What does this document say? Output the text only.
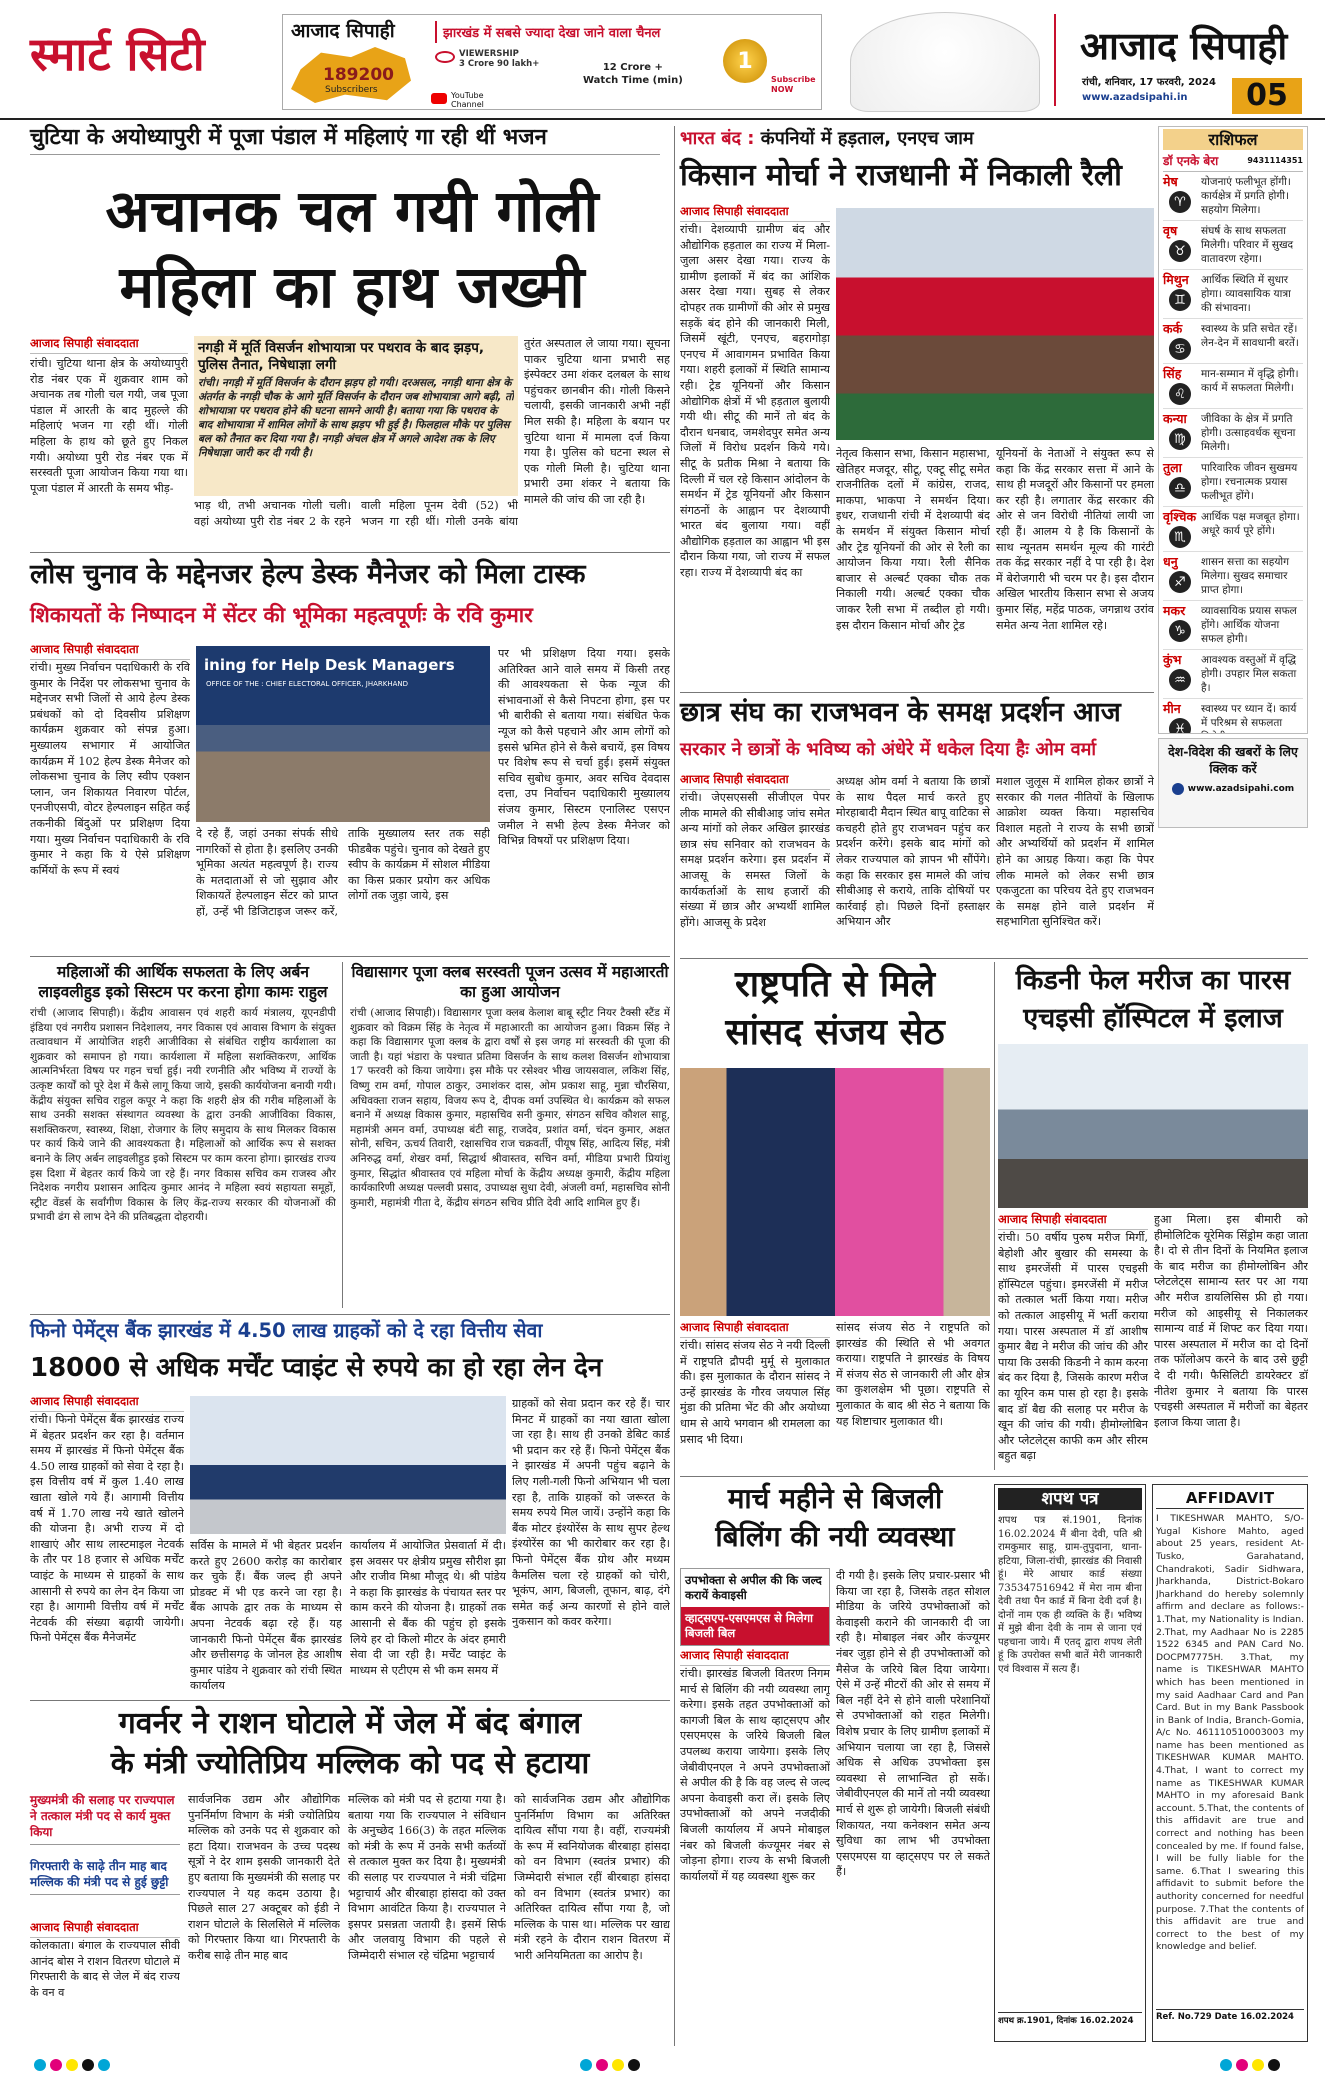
स्मार्ट सिटी	आजाद सिपाही	झारखंड में सबसे ज्यादा देखा जाने वाला चैनल
189200
Subscribers
VIEWERSHIP
3 Crore 90 lakh+	12 Crore +
Watch Time (min)
YouTube
Channel
1
Subscribe
NOW
आजाद सिपाही
रांची, शनिवार, 17 फरवरी, 2024
www.azadsipahi.in	05
चुटिया के अयोध्यापुरी में पूजा पंडाल में महिलाएं गा रही थीं भजन
अचानक चल गयी गोली
महिला का हाथ जख्मी
आजाद सिपाही संवाददाता
रांची। चुटिया थाना क्षेत्र के अयोध्यापुरी रोड नंबर एक में शुक्रवार शाम को अचानक तब गोली चल गयी, जब पूजा पंडाल में आरती के बाद मुहल्ले की महिलाएं भजन गा रही थीं। गोली महिला के हाथ को छूते हुए निकल गयी। अयोध्या पुरी रोड नंबर एक में सरस्वती पूजा आयोजन किया गया था। पूजा पंडाल में आरती के समय भीड़-
नगड़ी में मूर्ति विसर्जन शोभायात्रा पर पथराव के बाद झड़प, पुलिस तैनात, निषेधाज्ञा लगी
रांची। नगड़ी में मूर्ति विसर्जन के दौरान झड़प हो गयी। दरअसल, नगड़ी थाना क्षेत्र के अंतर्गत के नगड़ी चौक के आगे मूर्ति विसर्जन के दौरान जब शोभायात्रा आगे बढ़ी, तो शोभायात्रा पर पथराव होने की घटना सामने आयी है। बताया गया कि पथराव के बाद शोभायात्रा में शामिल लोगों के साथ झड़प भी हुई है। फिलहाल मौके पर पुलिस बल को तैनात कर दिया गया है। नगड़ी अंचल क्षेत्र में अगले आदेश तक के लिए निषेधाज्ञा जारी कर दी गयी है।
भाड़ थी, तभी अचानक गोली चली। वहां अयोध्या पुरी रोड नंबर 2 के रहने वाली महिला पूनम देवी (52) भी भजन गा रही थीं। गोली उनके बांया
तुरंत अस्पताल ले जाया गया। सूचना पाकर चुटिया थाना प्रभारी सह इंस्पेक्टर उमा शंकर दलबल के साथ पहुंचकर छानबीन की। गोली किसने चलायी, इसकी जानकारी अभी नहीं मिल सकी है। महिला के बयान पर चुटिया थाना में मामला दर्ज किया गया है। पुलिस को घटना स्थल से एक गोली मिली है। चुटिया थाना प्रभारी उमा शंकर ने बताया कि मामले की जांच की जा रही है।
लोस चुनाव के मद्देनजर हेल्प डेस्क मैनेजर को मिला टास्क
शिकायतों के निष्पादन में सेंटर की भूमिका महत्वपूर्णः के रवि कुमार
आजाद सिपाही संवाददाता
रांची। मुख्य निर्वाचन पदाधिकारी के रवि कुमार के निर्देश पर लोकसभा चुनाव के मद्देनजर सभी जिलों से आये हेल्प डेस्क प्रबंधकों को दो दिवसीय प्रशिक्षण कार्यक्रम शुक्रवार को संपन्न हुआ। मुख्यालय सभागार में आयोजित कार्यक्रम में 102 हेल्प डेस्क मैनेजर को लोकसभा चुनाव के लिए स्वीप एक्शन प्लान, जन शिकायत निवारण पोर्टल, एनजीएसपी, वोटर हेल्पलाइन सहित कई तकनीकी बिंदुओं पर प्रशिक्षण दिया गया। मुख्य निर्वाचन पदाधिकारी के रवि कुमार ने कहा कि ये ऐसे प्रशिक्षण कर्मियों के रूप में स्वयं
ining for Help Desk Managers
OFFICE OF THE : CHIEF ELECTORAL OFFICER, JHARKHAND
दे रहे हैं, जहां उनका संपर्क सीधे नागरिकों से होता है। इसलिए उनकी भूमिका अत्यंत महत्वपूर्ण है। राज्य के मतदाताओं से जो सुझाव और शिकायतें हेल्पलाइन सेंटर को प्राप्त हों, उन्हें भी डिजिटाइज जरूर करें, ताकि मुख्यालय स्तर तक सही फीडबैक पहुंचे। चुनाव को देखते हुए स्वीप के कार्यक्रम में सोशल मीडिया का किस प्रकार प्रयोग कर अधिक लोगों तक जुड़ा जाये, इस
पर भी प्रशिक्षण दिया गया। इसके अतिरिक्त आने वाले समय में किसी तरह की आवश्यकता से फेक न्यूज की संभावनाओं से कैसे निपटना होगा, इस पर भी बारीकी से बताया गया। संबंधित फेक न्यूज को कैसे पहचाने और आम लोगों को इससे भ्रमित होने से कैसे बचायें, इस विषय पर विशेष रूप से चर्चा हुई। इसमें संयुक्त सचिव सुबोध कुमार, अवर सचिव देवदास दत्ता, उप निर्वाचन पदाधिकारी मुख्यालय संजय कुमार, सिस्टम एनालिस्ट एसएन जमील ने सभी हेल्प डेस्क मैनेजर को विभिन्न विषयों पर प्रशिक्षण दिया।
महिलाओं की आर्थिक सफलता के लिए अर्बन लाइवलीहुड इको सिस्टम पर करना होगा कामः राहुल
रांची (आजाद सिपाही)। केंद्रीय आवासन एवं शहरी कार्य मंत्रालय, यूएनडीपी इंडिया एवं नगरीय प्रशासन निदेशालय, नगर विकास एवं आवास विभाग के संयुक्त तत्वावधान में आयोजित शहरी आजीविका से संबंधित राष्ट्रीय कार्यशाला का शुक्रवार को समापन हो गया। कार्यशाला में महिला सशक्तिकरण, आर्थिक आत्मनिर्भरता विषय पर गहन चर्चा हुई। नयी रणनीति और भविष्य में राज्यों के उत्कृष्ट कार्यों को पूरे देश में कैसे लागू किया जाये, इसकी कार्ययोजना बनायी गयी। केंद्रीय संयुक्त सचिव राहुल कपूर ने कहा कि शहरी क्षेत्र की गरीब महिलाओं के साथ उनकी सशक्त संस्थागत व्यवस्था के द्वारा उनकी आजीविका विकास, सशक्तिकरण, स्वास्थ्य, शिक्षा, रोजगार के लिए समुदाय के साथ मिलकर विकास पर कार्य किये जाने की आवश्यकता है। महिलाओं को आर्थिक रूप से सशक्त बनाने के लिए अर्बन लाइवलीहुड इको सिस्टम पर काम करना होगा। झारखंड राज्य इस दिशा में बेहतर कार्य किये जा रहे हैं। नगर विकास सचिव कम राजस्व और निदेशक नगरीय प्रशासन आदित्य कुमार आनंद ने महिला स्वयं सहायता समूहों, स्ट्रीट वेंडर्स के सर्वांगीण विकास के लिए केंद्र-राज्य सरकार की योजनाओं की प्रभावी ढंग से लाभ देने की प्रतिबद्धता दोहरायी।
विद्यासागर पूजा क्लब सरस्वती पूजन उत्सव में महाआरती का हुआ आयोजन
रांची (आजाद सिपाही)। विद्यासागर पूजा क्लब केलाश बाबू स्ट्रीट नियर टैक्सी स्टैंड में शुक्रवार को विक्रम सिंह के नेतृत्व में महाआरती का आयोजन हुआ। विक्रम सिंह ने कहा कि विद्यासागर पूजा क्लब के द्वारा वर्षों से इस जगह मां सरस्वती की पूजा की जाती है। यहां भंडारा के पश्चात प्रतिमा विसर्जन के साथ कलश विसर्जन शोभायात्रा 17 फरवरी को किया जायेगा। इस मौके पर रसेश्वर भीख जायसवाल, लकिश सिंह, विष्णु राम वर्मा, गोपाल ठाकुर, उमाशंकर दास, ओम प्रकाश साहू, मुन्ना चौरसिया, अधिवक्ता राजन सहाय, विजय रूप दे, दीपक वर्मा उपस्थित थे। कार्यक्रम को सफल बनाने में अध्यक्ष विकास कुमार, महासचिव सनी कुमार, संगठन सचिव कौशल साहू, महामंत्री अमन वर्मा, उपाध्यक्ष बंटी साहू, राजदेव, प्रशांत वर्मा, चंदन कुमार, अक्षत सोनी, सचिन, ऊचर्य तिवारी, रक्षासचिव राज चक्रवर्ती, पीयूष सिंह, आदित्य सिंह, मंत्री अनिरुद्ध वर्मा, शेखर वर्मा, सिद्धार्थ श्रीवास्तव, सचिन वर्मा, मीडिया प्रभारी प्रियांशु कुमार, सिद्धांत श्रीवास्तव एवं महिला मोर्चा के केंद्रीय अध्यक्ष कुमारी, केंद्रीय महिला कार्यकारिणी अध्यक्ष पल्लवी प्रसाद, उपाध्यक्ष सुधा देवी, अंजली वर्मा, महासचिव सोनी कुमारी, महामंत्री गीता दे, केंद्रीय संगठन सचिव प्रीति देवी आदि शामिल हुए हैं।
फिनो पेमेंट्स बैंक झारखंड में 4.50 लाख ग्राहकों को दे रहा वित्तीय सेवा
18000 से अधिक मर्चेंट प्वाइंट से रुपये का हो रहा लेन देन
आजाद सिपाही संवाददाता
रांची। फिनो पेमेंट्स बैंक झारखंड राज्य में बेहतर प्रदर्शन कर रहा है। वर्तमान समय में झारखंड में फिनो पेमेंट्स बैंक 4.50 लाख ग्राहकों को सेवा दे रहा है। इस वित्तीय वर्ष में कुल 1.40 लाख खाता खोले गये हैं। आगामी वित्तीय वर्ष में 1.70 लाख नये खाते खोलने की योजना है। अभी राज्य में दो शाखाएं और साथ लास्टमाइल नेटवर्क के तौर पर 18 हजार से अधिक मर्चेंट प्वाइंट के माध्यम से ग्राहकों के साथ आसानी से रुपये का लेन देन किया जा रहा है। आगामी वित्तीय वर्ष में मर्चेंट नेटवर्क की संख्या बढ़ायी जायेगी। फिनो पेमेंट्स बैंक मैनेजमेंट
सर्विस के मामले में भी बेहतर प्रदर्शन करते हुए 2600 करोड़ का कारोबार कर चुके हैं। बैंक जल्द ही अपने प्रोडक्ट में भी एड करने जा रहा है। बैंक आपके द्वार तक के माध्यम से अपना नेटवर्क बढ़ा रहे हैं। यह जानकारी फिनो पेमेंट्स बैंक झारखंड और छत्तीसगढ़ के जोनल हेड आशीष कुमार पांडेय ने शुक्रवार को रांची स्थित कार्यालय
कार्यालय में आयोजित प्रेसवार्ता में दी। इस अवसर पर क्षेत्रीय प्रमुख सौरीश झा और राजीव मिश्रा मौजूद थे। श्री पांडेय ने कहा कि झारखंड के पंचायत स्तर पर काम करने की योजना है। ग्राहकों तक आसानी से बैंक की पहुंच हो इसके लिये हर दो किलो मीटर के अंदर हमारी सेवा दी जा रही है। मर्चेंट प्वाइंट के माध्यम से एटीएम से भी कम समय में
ग्राहकों को सेवा प्रदान कर रहे हैं। चार मिनट में ग्राहकों का नया खाता खोला जा रहा है। साथ ही उनको डेबिट कार्ड भी प्रदान कर रहे हैं। फिनो पेमेंट्स बैंक ने झारखंड में अपनी पहुंच बढ़ाने के लिए गली-गली फिनो अभियान भी चला रहा है, ताकि ग्राहकों को जरूरत के समय रुपये मिल जायें। उन्होंने कहा कि बैंक मोटर इंश्योरेंस के साथ सुपर हेल्थ इंश्योरेंस का भी कारोबार कर रहा है। फिनो पेमेंट्स बैंक ग्रोथ और मध्यम कैमलिस चला रहे ग्राहकों को चोरी, भूकंप, आग, बिजली, तूफान, बाढ़, दंगे समेत कई अन्य कारणों से होने वाले नुकसान को कवर करेगा।
गवर्नर ने राशन घोटाले में जेल में बंद बंगाल
के मंत्री ज्योतिप्रिय मल्लिक को पद से हटाया
मुख्यमंत्री की सलाह पर राज्यपाल ने तत्काल मंत्री पद से कार्य मुक्त किया
गिरफ्तारी के साढ़े तीन माह बाद मल्लिक की मंत्री पद से हुई छुट्टी
आजाद सिपाही संवाददाता
कोलकाता। बंगाल के राज्यपाल सीवी आनंद बोस ने राशन वितरण घोटाले में गिरफ्तारी के बाद से जेल में बंद राज्य के वन व
सार्वजनिक उद्यम और औद्योगिक पुनर्निर्माण विभाग के मंत्री ज्योतिप्रिय मल्लिक को उनके पद से शुक्रवार को हटा दिया। राजभवन के उच्च पदस्थ सूत्रों ने देर शाम इसकी जानकारी देते हुए बताया कि मुख्यमंत्री की सलाह पर राज्यपाल ने यह कदम उठाया है। पिछले साल 27 अक्टूबर को ईडी ने राशन घोटाले के सिलसिले में मल्लिक को गिरफ्तार किया था। गिरफ्तारी के करीब साढ़े तीन माह बाद
मल्लिक को मंत्री पद से हटाया गया है। बताया गया कि राज्यपाल ने संविधान के अनुच्छेद 166(3) के तहत मल्लिक को मंत्री के रूप में उनके सभी कर्तव्यों से तत्काल मुक्त कर दिया है। मुख्यमंत्री की सलाह पर राज्यपाल ने मंत्री चंद्रिमा भट्टाचार्य और बीरबाहा हांसदा को उक्त विभाग आवंटित किया है। राज्यपाल ने इसपर प्रसन्नता जतायी है। इसमें सिर्फ और जलवायु विभाग की पहले से जिम्मेदारी संभाल रहे चंद्रिमा भट्टाचार्य
को सार्वजनिक उद्यम और औद्योगिक पुनर्निर्माण विभाग का अतिरिक्त दायित्व सौंपा गया है। वहीं, राज्यमंत्री के रूप में स्वनियोजक बीरबाहा हांसदा को वन विभाग (स्वतंत्र प्रभार) की जिम्मेदारी संभाल रहीं बीरबाहा हांसदा को वन विभाग (स्वतंत्र प्रभार) का अतिरिक्त दायित्व सौंपा गया है, जो मल्लिक के पास था। मल्लिक पर खाद्य मंत्री रहने के दौरान राशन वितरण में भारी अनियमितता का आरोप है।
भारत बंद : कंपनियों में हड़ताल, एनएच जाम
किसान मोर्चा ने राजधानी में निकाली रैली
आजाद सिपाही संवाददाता
रांची। देशव्यापी ग्रामीण बंद और औद्योगिक हड़ताल का राज्य में मिला-जुला असर देखा गया। राज्य के ग्रामीण इलाकों में बंद का आंशिक असर देखा गया। सुबह से लेकर दोपहर तक ग्रामीणों की ओर से प्रमुख सड़कें बंद होने की जानकारी मिली, जिसमें खूंटी, एनएच, बहरागोड़ा एनएच में आवागमन प्रभावित किया गया। शहरी इलाकों में स्थिति सामान्य रही। ट्रेड यूनियनों और किसान ओद्योगिक क्षेत्रों में भी हड़ताल बुलायी गयी थी। सीटू की मानें तो बंद के दौरान धनबाद, जमशेदपुर समेत अन्य जिलों में विरोध प्रदर्शन किये गये। सीटू के प्रतीक मिश्रा ने बताया कि दिल्ली में चल रहे किसान आंदोलन के समर्थन में ट्रेड यूनियनों और किसान संगठनों के आह्वान पर देशव्यापी भारत बंद बुलाया गया। वहीं औद्योगिक हड़ताल का आह्वान भी इस दौरान किया गया, जो राज्य में सफल रहा। राज्य में देशव्यापी बंद का
नेतृत्व किसान सभा, किसान महासभा, खेतिहर मजदूर, सीटू, एक्टू सीटू समेत राजनीतिक दलों में कांग्रेस, राजद, माकपा, भाकपा ने समर्थन दिया। इधर, राजधानी रांची में देशव्यापी बंद के समर्थन में संयुक्त किसान मोर्चा और ट्रेड यूनियनों की ओर से रैली का आयोजन किया गया। रैली सैनिक बाजार से अल्बर्ट एक्का चौक तक निकाली गयी। अल्बर्ट एक्का चौक जाकर रैली सभा में तब्दील हो गयी। इस दौरान किसान मोर्चा और ट्रेड
यूनियनों के नेताओं ने संयुक्त रूप से कहा कि केंद्र सरकार सत्ता में आने के साथ ही मजदूरों और किसानों पर हमला कर रही है। लगातार केंद्र सरकार की ओर से जन विरोधी नीतियां लायी जा रही हैं। आलम ये है कि किसानों के साथ न्यूनतम समर्थन मूल्य की गारंटी तक केंद्र सरकार नहीं दे पा रही है। देश में बेरोजगारी भी चरम पर है। इस दौरान अखिल भारतीय किसान सभा से अजय कुमार सिंह, महेंद्र पाठक, जगन्नाथ उरांव समेत अन्य नेता शामिल रहे।
छात्र संघ का राजभवन के समक्ष प्रदर्शन आज
सरकार ने छात्रों के भविष्य को अंधेरे में धकेल दिया हैः ओम वर्मा
आजाद सिपाही संवाददाता
रांची। जेएसएससी सीजीएल पेपर लीक मामले की सीबीआइ जांच समेत अन्य मांगों को लेकर अखिल झारखंड छात्र संघ सनिवार को राजभवन के समक्ष प्रदर्शन करेगा। इस प्रदर्शन में आजसू के समस्त जिलों के कार्यकर्ताओं के साथ हजारों की संख्या में छात्र और अभ्यर्थी शामिल होंगे। आजसू के प्रदेश
अध्यक्ष ओम वर्मा ने बताया कि छात्रों के साथ पैदल मार्च करते हुए मोरहाबादी मैदान स्थित बापू वाटिका से कचहरी होते हुए राजभवन पहुंच कर प्रदर्शन करेंगे। इसके बाद मांगों को लेकर राज्यपाल को ज्ञापन भी सौंपेंगे। कहा कि सरकार इस मामले की जांच सीबीआइ से कराये, ताकि दोषियों पर कार्रवाई हो। पिछले दिनों हस्ताक्षर अभियान और
मशाल जुलूस में शामिल होकर छात्रों ने सरकार की गलत नीतियों के खिलाफ आक्रोश व्यक्त किया। महासचिव विशाल महतो ने राज्य के सभी छात्रों और अभ्यर्थियों को प्रदर्शन में शामिल होने का आग्रह किया। कहा कि पेपर लीक मामले को लेकर सभी छात्र एकजुटता का परिचय देते हुए राजभवन के समक्ष होने वाले प्रदर्शन में सहभागिता सुनिश्चित करें।
राशिफल
डॉ एनके बेरा	9431114351
मेष
♈
योजनाएं फलीभूत होंगी। कार्यक्षेत्र में प्रगति होगी। सहयोग मिलेगा।
वृष
♉
संघर्ष के साथ सफलता मिलेगी। परिवार में सुखद वातावरण रहेगा।
मिथुन
♊
आर्थिक स्थिति में सुधार होगा। व्यावसायिक यात्रा की संभावना।
कर्क
♋
स्वास्थ्य के प्रति सचेत रहें। लेन-देन में सावधानी बरतें।
सिंह
♌
मान-सम्मान में वृद्धि होगी। कार्य में सफलता मिलेगी।
कन्या
♍
जीविका के क्षेत्र में प्रगति होगी। उत्साहवर्धक सूचना मिलेगी।
तुला
♎
पारिवारिक जीवन सुखमय होगा। रचनात्मक प्रयास फलीभूत होंगे।
वृश्चिक
♏
आर्थिक पक्ष मजबूत होगा। अधूरे कार्य पूरे होंगे।
धनु
♐
शासन सत्ता का सहयोग मिलेगा। सुखद समाचार प्राप्त होगा।
मकर
♑
व्यावसायिक प्रयास सफल होंगे। आर्थिक योजना सफल होगी।
कुंभ
♒
आवश्यक वस्तुओं में वृद्धि होगी। उपहार मिल सकता है।
मीन
♓
स्वास्थ्य पर ध्यान दें। कार्य में परिश्रम से सफलता
देश-विदेश की खबरों के लिए क्लिक करें
www.azadsipahi.com
राष्ट्रपति से मिले
सांसद संजय सेठ
आजाद सिपाही संवाददाता
रांची। सांसद संजय सेठ ने नयी दिल्ली में राष्ट्रपति द्रौपदी मुर्मू से मुलाकात की। इस मुलाकात के दौरान सांसद ने उन्हें झारखंड के गौरव जयपाल सिंह मुंडा की प्रतिमा भेंट की और अयोध्या धाम से आये भगवान श्री रामलला का प्रसाद भी दिया।
सांसद संजय सेठ ने राष्ट्रपति को झारखंड की स्थिति से भी अवगत कराया। राष्ट्रपति ने झारखंड के विषय में संजय सेठ से जानकारी ली और क्षेत्र का कुशलक्षेम भी पूछा। राष्ट्रपति से मुलाकात के बाद श्री सेठ ने बताया कि यह शिष्टाचार मुलाकात थी।
किडनी फेल मरीज का पारस
एचइसी हॉस्पिटल में इलाज
आजाद सिपाही संवाददाता
रांची। 50 वर्षीय पुरुष मरीज मिर्गी, बेहोशी और बुखार की समस्या के साथ इमरजेंसी में पारस एचइसी हॉस्पिटल पहुंचा। इमरजेंसी में मरीज को तत्काल भर्ती किया गया। मरीज को तत्काल आइसीयू में भर्ती कराया गया। पारस अस्पताल में डॉ आशीष कुमार बैद्य ने मरीज की जांच की और पाया कि उसकी किडनी ने काम करना बंद कर दिया है, जिसके कारण मरीज का यूरिन कम पास हो रहा है। इसके बाद डॉ बैद्य की सलाह पर मरीज के खून की जांच की गयी। हीमोग्लोबिन और प्लेटलेट्स काफी कम और सीरम बहुत बढ़ा
हुआ मिला। इस बीमारी को हीमोलिटिक यूरेमिक सिंड्रोम कहा जाता है। दो से तीन दिनों के नियमित इलाज के बाद मरीज का हीमोग्लोबिन और प्लेटलेट्स सामान्य स्तर पर आ गया और मरीज डायलिसिस फ्री हो गया। मरीज को आइसीयू से निकालकर सामान्य वार्ड में शिफ्ट कर दिया गया। पारस अस्पताल में मरीज का दो दिनों तक फॉलोअप करने के बाद उसे छुट्टी दे दी गयी। फैसिलिटी डायरेक्टर डॉ नीतेश कुमार ने बताया कि पारस एचइसी अस्पताल में मरीजों का बेहतर इलाज किया जाता है।
मार्च महीने से बिजली
बिलिंग की नयी व्यवस्था
उपभोक्ता से अपील की कि जल्द करायें केवाइसी
व्हाट्सएप-एसएमएस से मिलेगा बिजली बिल
आजाद सिपाही संवाददाता
रांची। झारखंड बिजली वितरण निगम मार्च से बिलिंग की नयी व्यवस्था लागू करेगा। इसके तहत उपभोक्ताओं को कागजी बिल के साथ व्हाट्सएप और एसएमएस के जरिये बिजली बिल उपलब्ध कराया जायेगा। इसके लिए जेबीवीएनएल ने अपने उपभोक्ताओं से अपील की है कि वह जल्द से जल्द अपना केवाइसी करा लें। इसके लिए उपभोक्ताओं को अपने नजदीकी बिजली कार्यालय में अपने मोबाइल नंबर को बिजली कंज्यूमर नंबर से जोड़ना होगा। राज्य के सभी बिजली कार्यालयों में यह व्यवस्था शुरू कर
दी गयी है। इसके लिए प्रचार-प्रसार भी किया जा रहा है, जिसके तहत सोशल मीडिया के जरिये उपभोक्ताओं को केवाइसी कराने की जानकारी दी जा रही है। मोबाइल नंबर और कंज्यूमर नंबर जुड़ा होने से ही उपभोक्ताओं को मैसेज के जरिये बिल दिया जायेगा। ऐसे में उन्हें मीटरों की ओर से समय में बिल नहीं देने से होने वाली परेशानियों से उपभोक्ताओं को राहत मिलेगी। विशेष प्रचार के लिए ग्रामीण इलाकों में अभियान चलाया जा रहा है, जिससे अधिक से अधिक उपभोक्ता इस व्यवस्था से लाभान्वित हो सकें। जेबीवीएनएल की मानें तो नयी व्यवस्था मार्च से शुरू हो जायेगी। बिजली संबंधी शिकायत, नया कनेक्शन समेत अन्य सुविधा का लाभ भी उपभोक्ता एसएमएस या व्हाट्सएप पर ले सकते हैं।
शपथ पत्र
शपथ पत्र सं.1901, दिनांक 16.02.2024 मैं बीना देवी, पति श्री रामकुमार साहू, ग्राम-तुपुदाना, थाना-हटिया, जिला-रांची, झारखंड की निवासी हूं। मेरे आधार कार्ड संख्या 735347516942 में मेरा नाम बीना देवी तथा पैन कार्ड में बिना देवी दर्ज है। दोनों नाम एक ही व्यक्ति के हैं। भविष्य में मुझे बीना देवी के नाम से जाना एवं पहचाना जाये। मैं एतद् द्वारा शपथ लेती हूं कि उपरोक्त सभी बातें मेरी जानकारी एवं विश्वास में सत्य हैं।
शपथ क्र.1901, दिनांक 16.02.2024
AFFIDAVIT
I TIKESHWAR MAHTO, S/O- Yugal Kishore Mahto, aged about 25 years, resident At- Tusko, Garahatand, Chandrakoti, Sadir Sidhwara, Jharkhanda, District-Bokaro Jharkhand do hereby solemnly affirm and declare as follows:- 1.That, my Nationality is Indian. 2.That, my Aadhaar No is 2285 1522 6345 and PAN Card No. DOCPM7775H. 3.That, my name is TIKESHWAR MAHTO which has been mentioned in my said Aadhaar Card and Pan Card. But in my Bank Passbook in Bank of India, Branch-Gomia, A/c No. 461110510003003 my name has been mentioned as TIKESHWAR KUMAR MAHTO. 4.That, I want to correct my name as TIKESHWAR KUMAR MAHTO in my aforesaid Bank account. 5.That, the contents of this affidavit are true and correct and nothing has been concealed by me. If found false, I will be fully liable for the same. 6.That I swearing this affidavit to submit before the authority concerned for needful purpose. 7.That the contents of this affidavit are true and correct to the best of my knowledge and belief.
Ref. No.729 Date 16.02.2024
